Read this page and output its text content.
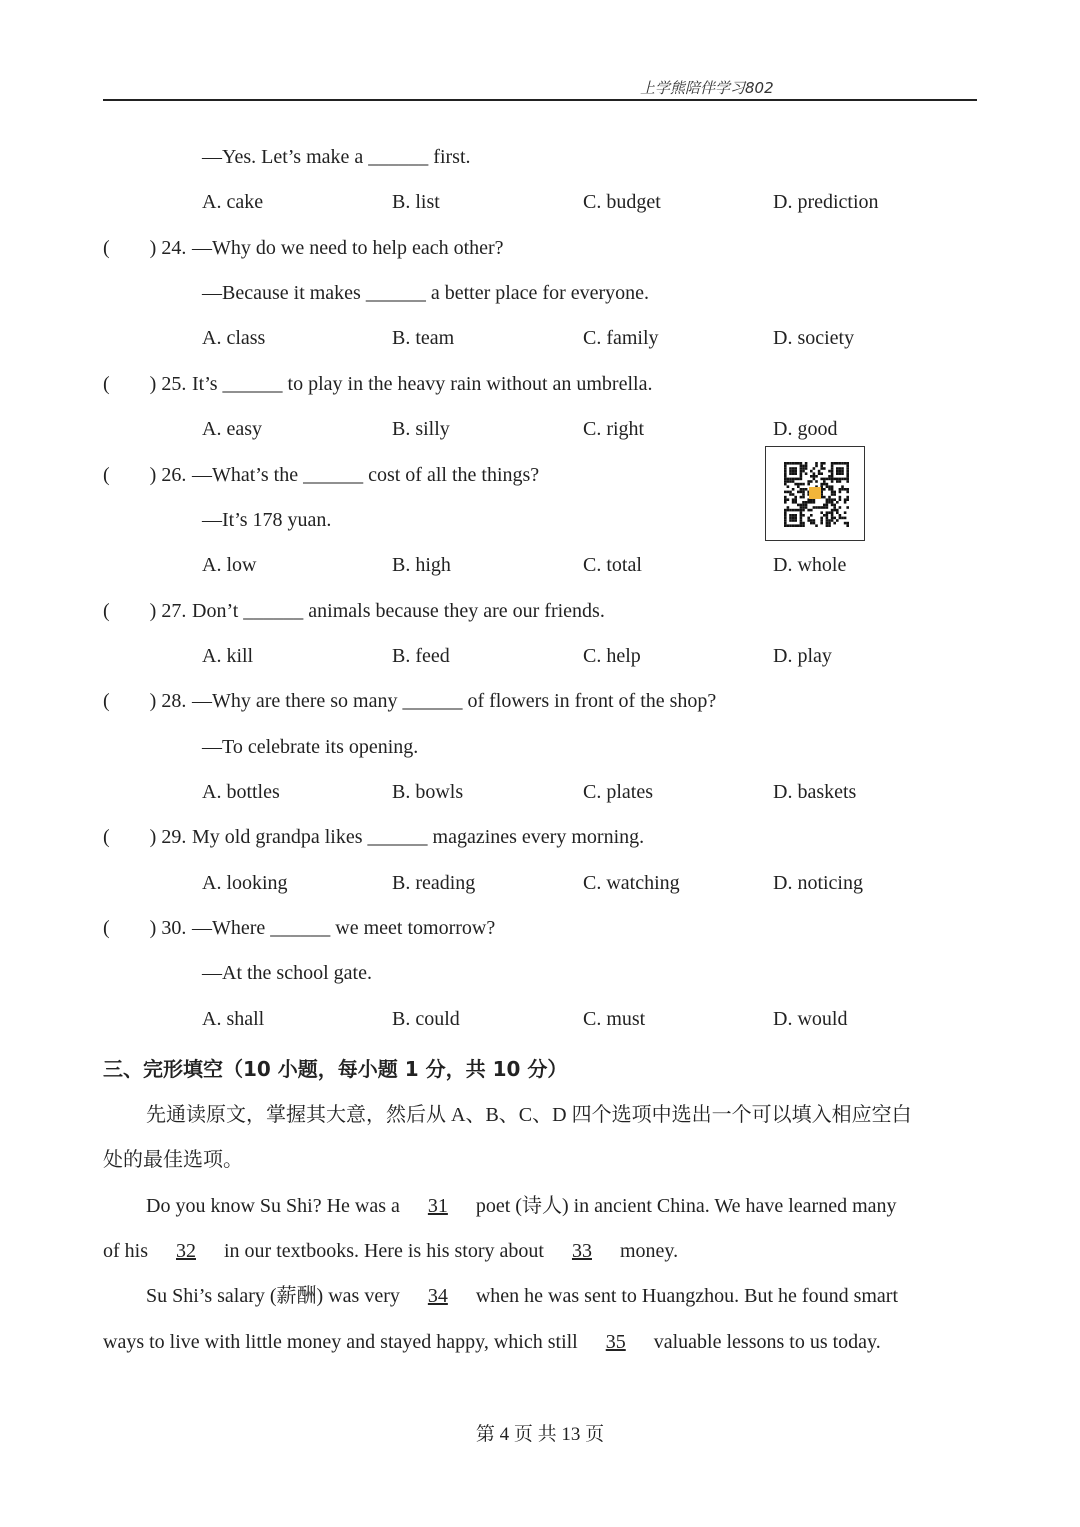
上学熊陪伴学习802
—Yes. Let’s make a ______ first.
A. cake	B. list	C. budget	D. prediction
(        ) 24. —Why do we need to help each other?
—Because it makes ______ a better place for everyone.
A. class	B. team	C. family	D. society
(        ) 25. It’s ______ to play in the heavy rain without an umbrella.
A. easy	B. silly	C. right	D. good
(        ) 26. —What’s the ______ cost of all the things?
—It’s 178 yuan.
A. low	B. high	C. total	D. whole
(        ) 27. Don’t ______ animals because they are our friends.
A. kill	B. feed	C. help	D. play
(        ) 28. —Why are there so many ______ of flowers in front of the shop?
—To celebrate its opening.
A. bottles	B. bowls	C. plates	D. baskets
(        ) 29. My old grandpa likes ______ magazines every morning.
A. looking	B. reading	C. watching	D. noticing
(        ) 30. —Where ______ we meet tomorrow?
—At the school gate.
A. shall	B. could	C. must	D. would
三、完形填空（10 小题，每小题 1 分，共 10 分）
先通读原文，掌握其大意，然后从 A、B、C、D 四个选项中选出一个可以填入相应空白
处的最佳选项。
Do you know Su Shi? He was a 31 poet (诗人) in ancient China. We have learned many
of his 32 in our textbooks. Here is his story about 33 money.
Su Shi’s salary (薪酬) was very 34 when he was sent to Huangzhou. But he found smart
ways to live with little money and stayed happy, which still 35 valuable lessons to us today.
第 4 页 共 13 页
